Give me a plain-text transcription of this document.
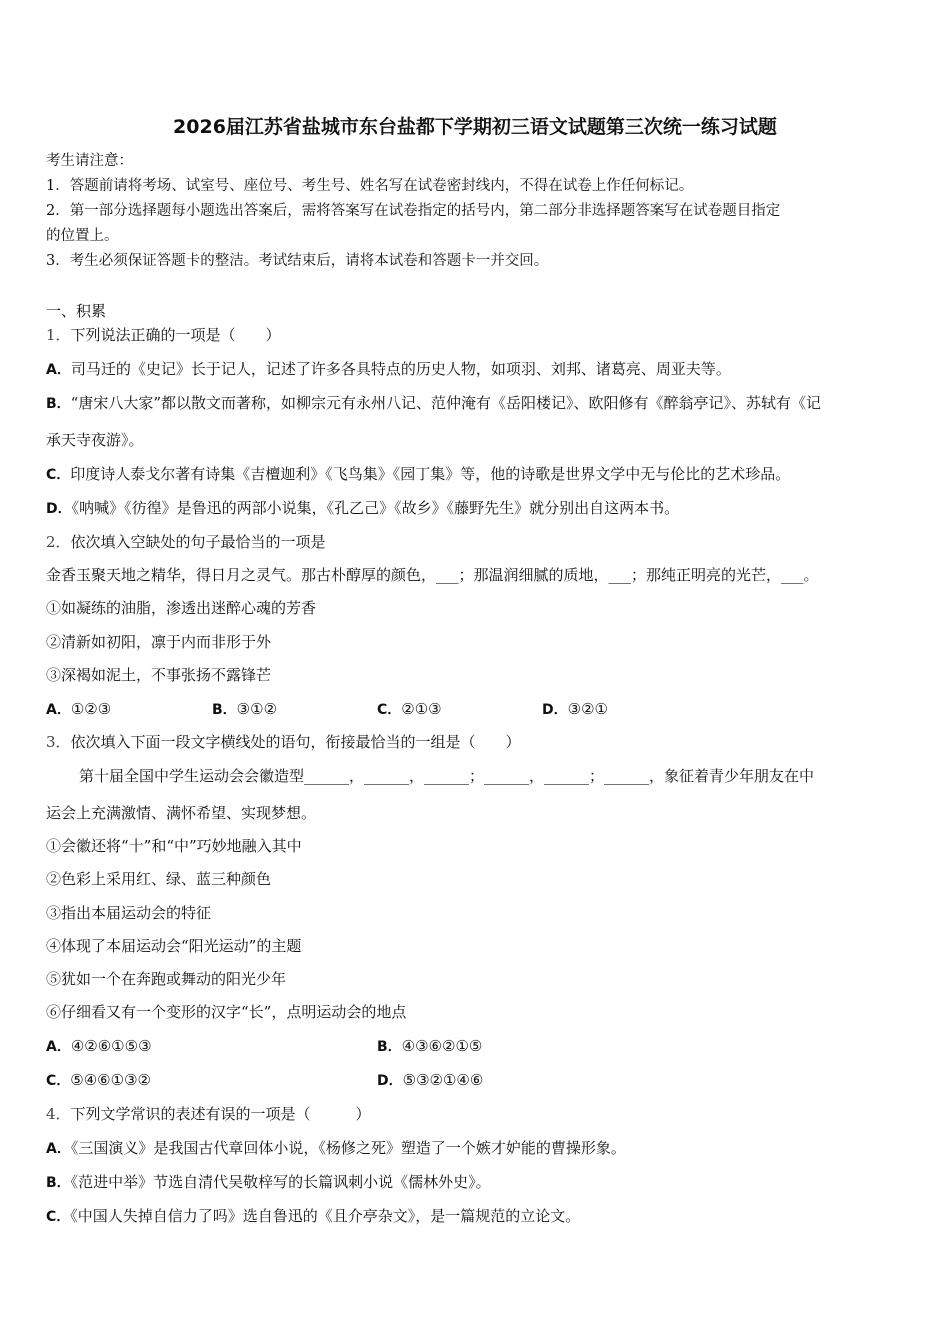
2026届江苏省盐城市东台盐都下学期初三语文试题第三次统一练习试题
考生请注意：
1．答题前请将考场、试室号、座位号、考生号、姓名写在试卷密封线内，不得在试卷上作任何标记。
2．第一部分选择题每小题选出答案后，需将答案写在试卷指定的括号内，第二部分非选择题答案写在试卷题目指定
的位置上。
3．考生必须保证答题卡的整洁。考试结束后，请将本试卷和答题卡一并交回。
一、积累
1．下列说法正确的一项是（　　）
A．司马迁的《史记》长于记人，记述了许多各具特点的历史人物，如项羽、刘邦、诸葛亮、周亚夫等。
B．“唐宋八大家”都以散文而著称，如柳宗元有永州八记、范仲淹有《岳阳楼记》、欧阳修有《醉翁亭记》、苏轼有《记
承天寺夜游》。
C．印度诗人泰戈尔著有诗集《吉檀迦利》《飞鸟集》《园丁集》等，他的诗歌是世界文学中无与伦比的艺术珍品。
D．《呐喊》《彷徨》是鲁迅的两部小说集，《孔乙己》《故乡》《藤野先生》就分别出自这两本书。
2．依次填入空缺处的句子最恰当的一项是
金香玉聚天地之精华，得日月之灵气。那古朴醇厚的颜色，___；那温润细腻的质地，___；那纯正明亮的光芒，___。
①如凝练的油脂，渗透出迷醉心魂的芳香
②清新如初阳，凛于内而非形于外
③深褐如泥土，不事张扬不露锋芒
A．①②③	B．③①②	C．②①③	D．③②①
3．依次填入下面一段文字横线处的语句，衔接最恰当的一组是（　　）
第十届全国中学生运动会会徽造型______，______，______；______，______；______，象征着青少年朋友在中
运会上充满激情、满怀希望、实现梦想。
①会徽还将“十”和“中”巧妙地融入其中
②色彩上采用红、绿、蓝三种颜色
③指出本届运动会的特征
④体现了本届运动会“阳光运动”的主题
⑤犹如一个在奔跑或舞动的阳光少年
⑥仔细看又有一个变形的汉字“长”，点明运动会的地点
A．④②⑥①⑤③	B．④③⑥②①⑤
C．⑤④⑥①③②	D．⑤③②①④⑥
4．下列文学常识的表述有误的一项是（　　　）
A．《三国演义》是我国古代章回体小说，《杨修之死》塑造了一个嫉才妒能的曹操形象。
B．《范进中举》节选自清代吴敬梓写的长篇讽刺小说《儒林外史》。
C．《中国人失掉自信力了吗》选自鲁迅的《且介亭杂文》，是一篇规范的立论文。
